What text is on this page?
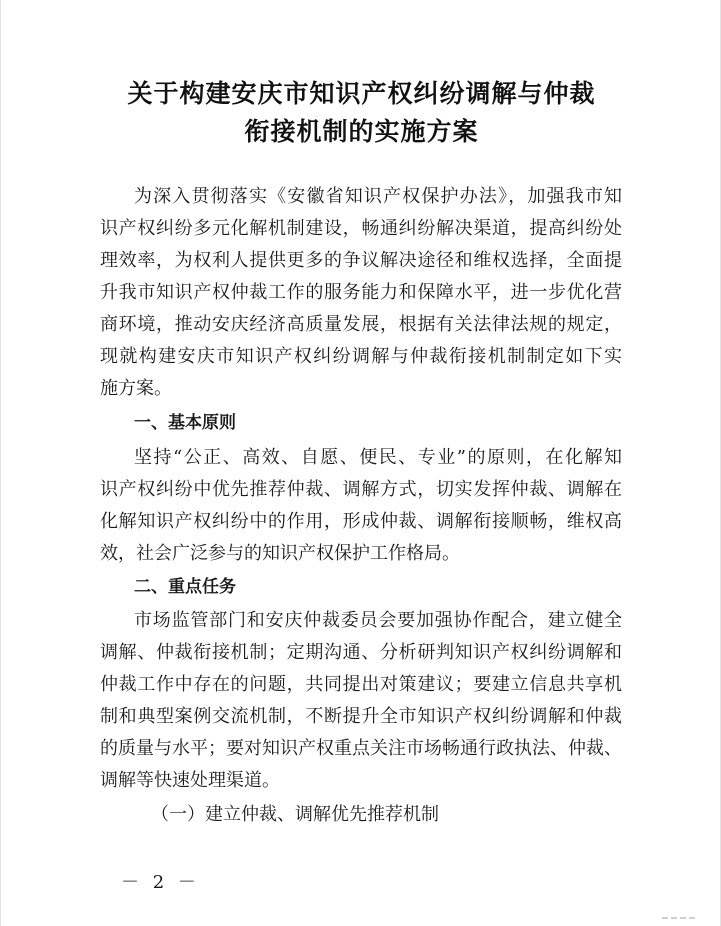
关于构建安庆市知识产权纠纷调解与仲裁
衔接机制的实施方案
为深入贯彻落实《安徽省知识产权保护办法》，加强我市知
识产权纠纷多元化解机制建设，畅通纠纷解决渠道，提高纠纷处
理效率，为权利人提供更多的争议解决途径和维权选择，全面提
升我市知识产权仲裁工作的服务能力和保障水平，进一步优化营
商环境，推动安庆经济高质量发展，根据有关法律法规的规定，
现就构建安庆市知识产权纠纷调解与仲裁衔接机制制定如下实
施方案。
一、基本原则
坚持“公正、高效、自愿、便民、专业”的原则，在化解知
识产权纠纷中优先推荐仲裁、调解方式，切实发挥仲裁、调解在
化解知识产权纠纷中的作用，形成仲裁、调解衔接顺畅，维权高
效，社会广泛参与的知识产权保护工作格局。
二、重点任务
市场监管部门和安庆仲裁委员会要加强协作配合，建立健全
调解、仲裁衔接机制；定期沟通、分析研判知识产权纠纷调解和
仲裁工作中存在的问题，共同提出对策建议；要建立信息共享机
制和典型案例交流机制，不断提升全市知识产权纠纷调解和仲裁
的质量与水平；要对知识产权重点关注市场畅通行政执法、仲裁、
调解等快速处理渠道。
（一）建立仲裁、调解优先推荐机制
－ 2 －
